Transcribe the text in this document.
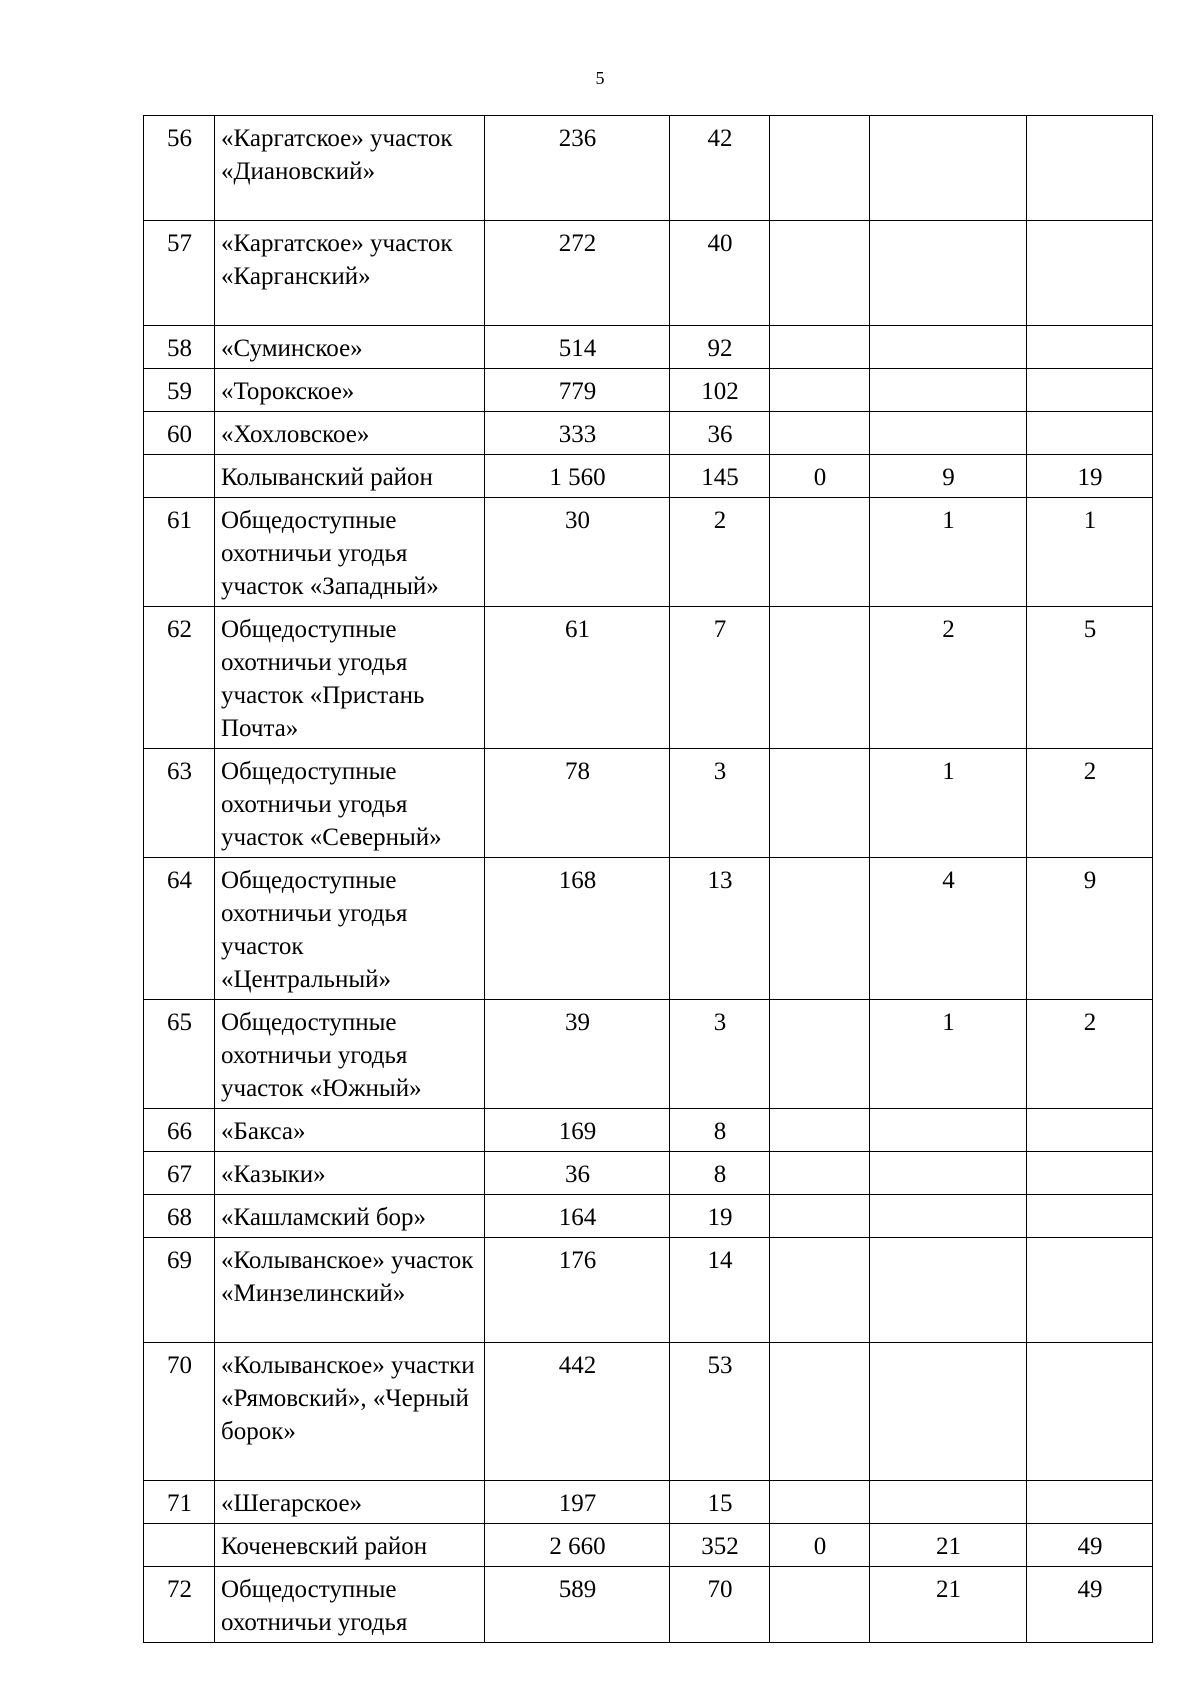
5
56	«Каргатское» участок «Диановский»	236	42			
57	«Каргатское» участок «Карганский»	272	40			
58	«Суминское»	514	92			
59	«Торокское»	779	102			
60	«Хохловское»	333	36			
	Колыванский район	1 560	145	0	9	19
61	Общедоступные охотничьи угодья участок «Западный»	30	2		1	1
62	Общедоступные охотничьи угодья участок «Пристань Почта»	61	7		2	5
63	Общедоступные охотничьи угодья участок «Северный»	78	3		1	2
64	Общедоступные охотничьи угодья участок «Центральный»	168	13		4	9
65	Общедоступные охотничьи угодья участок «Южный»	39	3		1	2
66	«Бакса»	169	8			
67	«Казыки»	36	8			
68	«Кашламский бор»	164	19			
69	«Колыванское» участок «Минзелинский»	176	14			
70	«Колыванское» участки «Рямовский», «Черный борок»	442	53			
71	«Шегарское»	197	15			
	Коченевский район	2 660	352	0	21	49
72	Общедоступные охотничьи угодья	589	70		21	49
